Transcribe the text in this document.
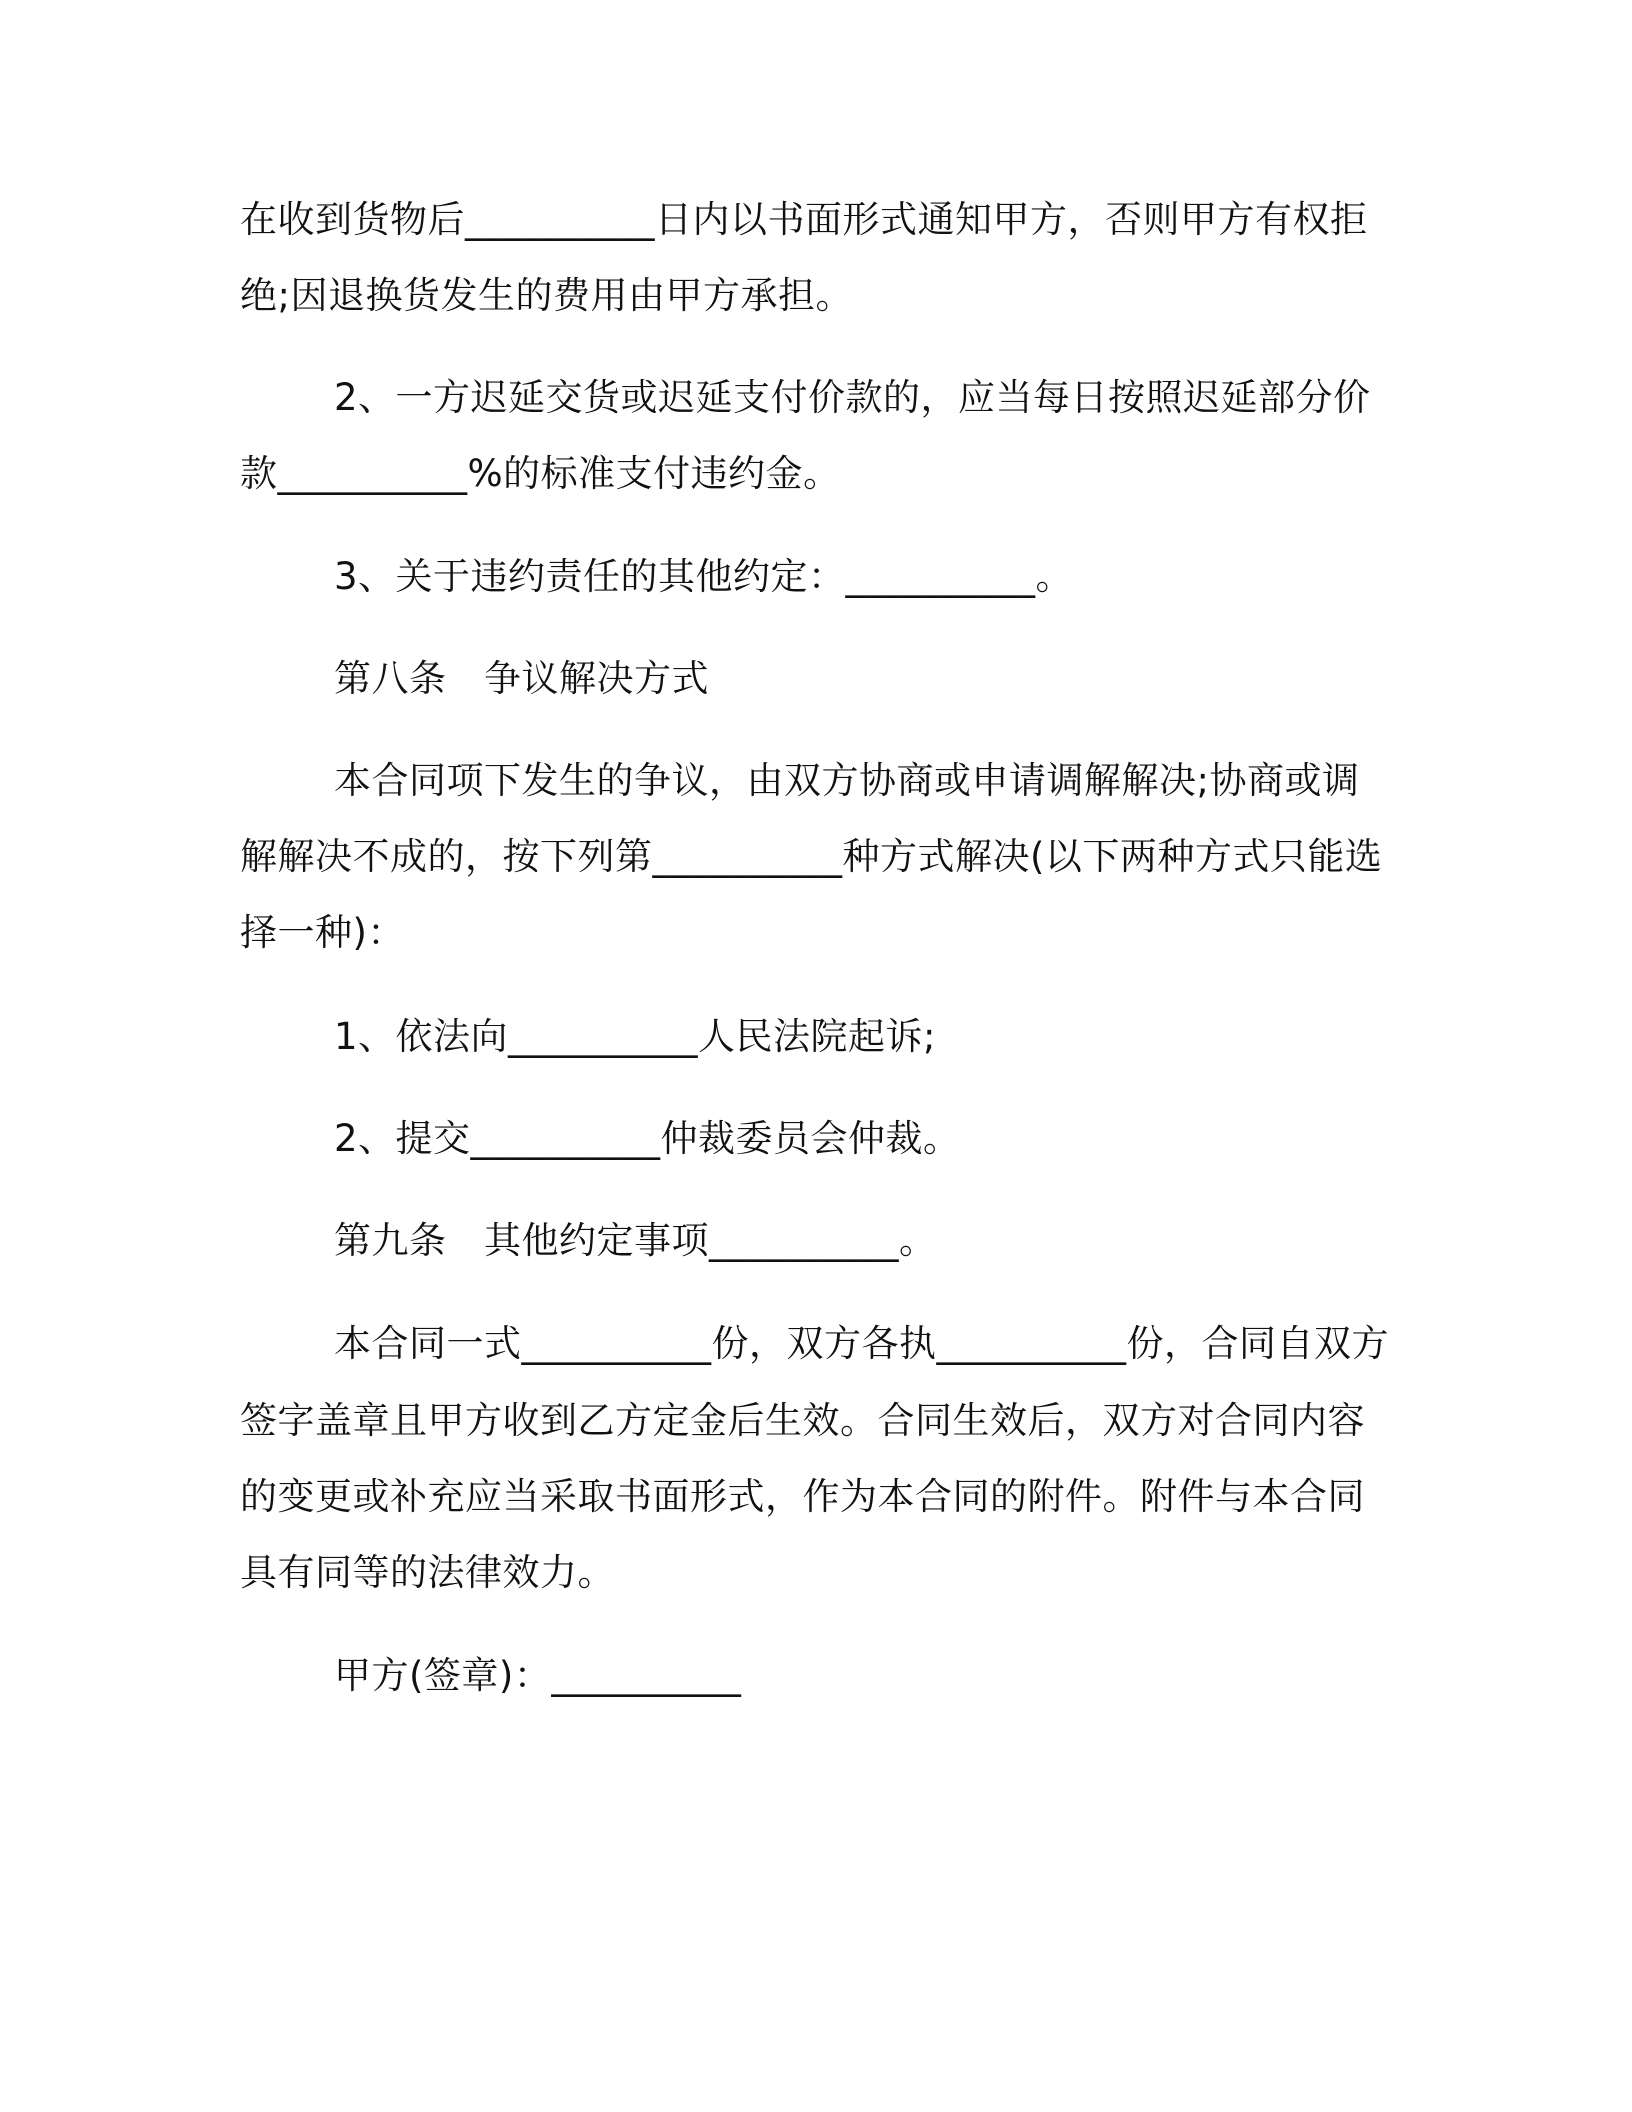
在收到货物后__________日内以书面形式通知甲方，否则甲方有权拒
绝;因退换货发生的费用由甲方承担。
2、一方迟延交货或迟延支付价款的，应当每日按照迟延部分价
款__________%的标准支付违约金。
3、关于违约责任的其他约定：__________。
第八条　争议解决方式
本合同项下发生的争议，由双方协商或申请调解解决;协商或调
解解决不成的，按下列第__________种方式解决(以下两种方式只能选
择一种)：
1、依法向__________人民法院起诉;
2、提交__________仲裁委员会仲裁。
第九条　其他约定事项__________。
本合同一式__________份，双方各执__________份，合同自双方
签字盖章且甲方收到乙方定金后生效。合同生效后，双方对合同内容
的变更或补充应当采取书面形式，作为本合同的附件。附件与本合同
具有同等的法律效力。
甲方(签章)：__________
